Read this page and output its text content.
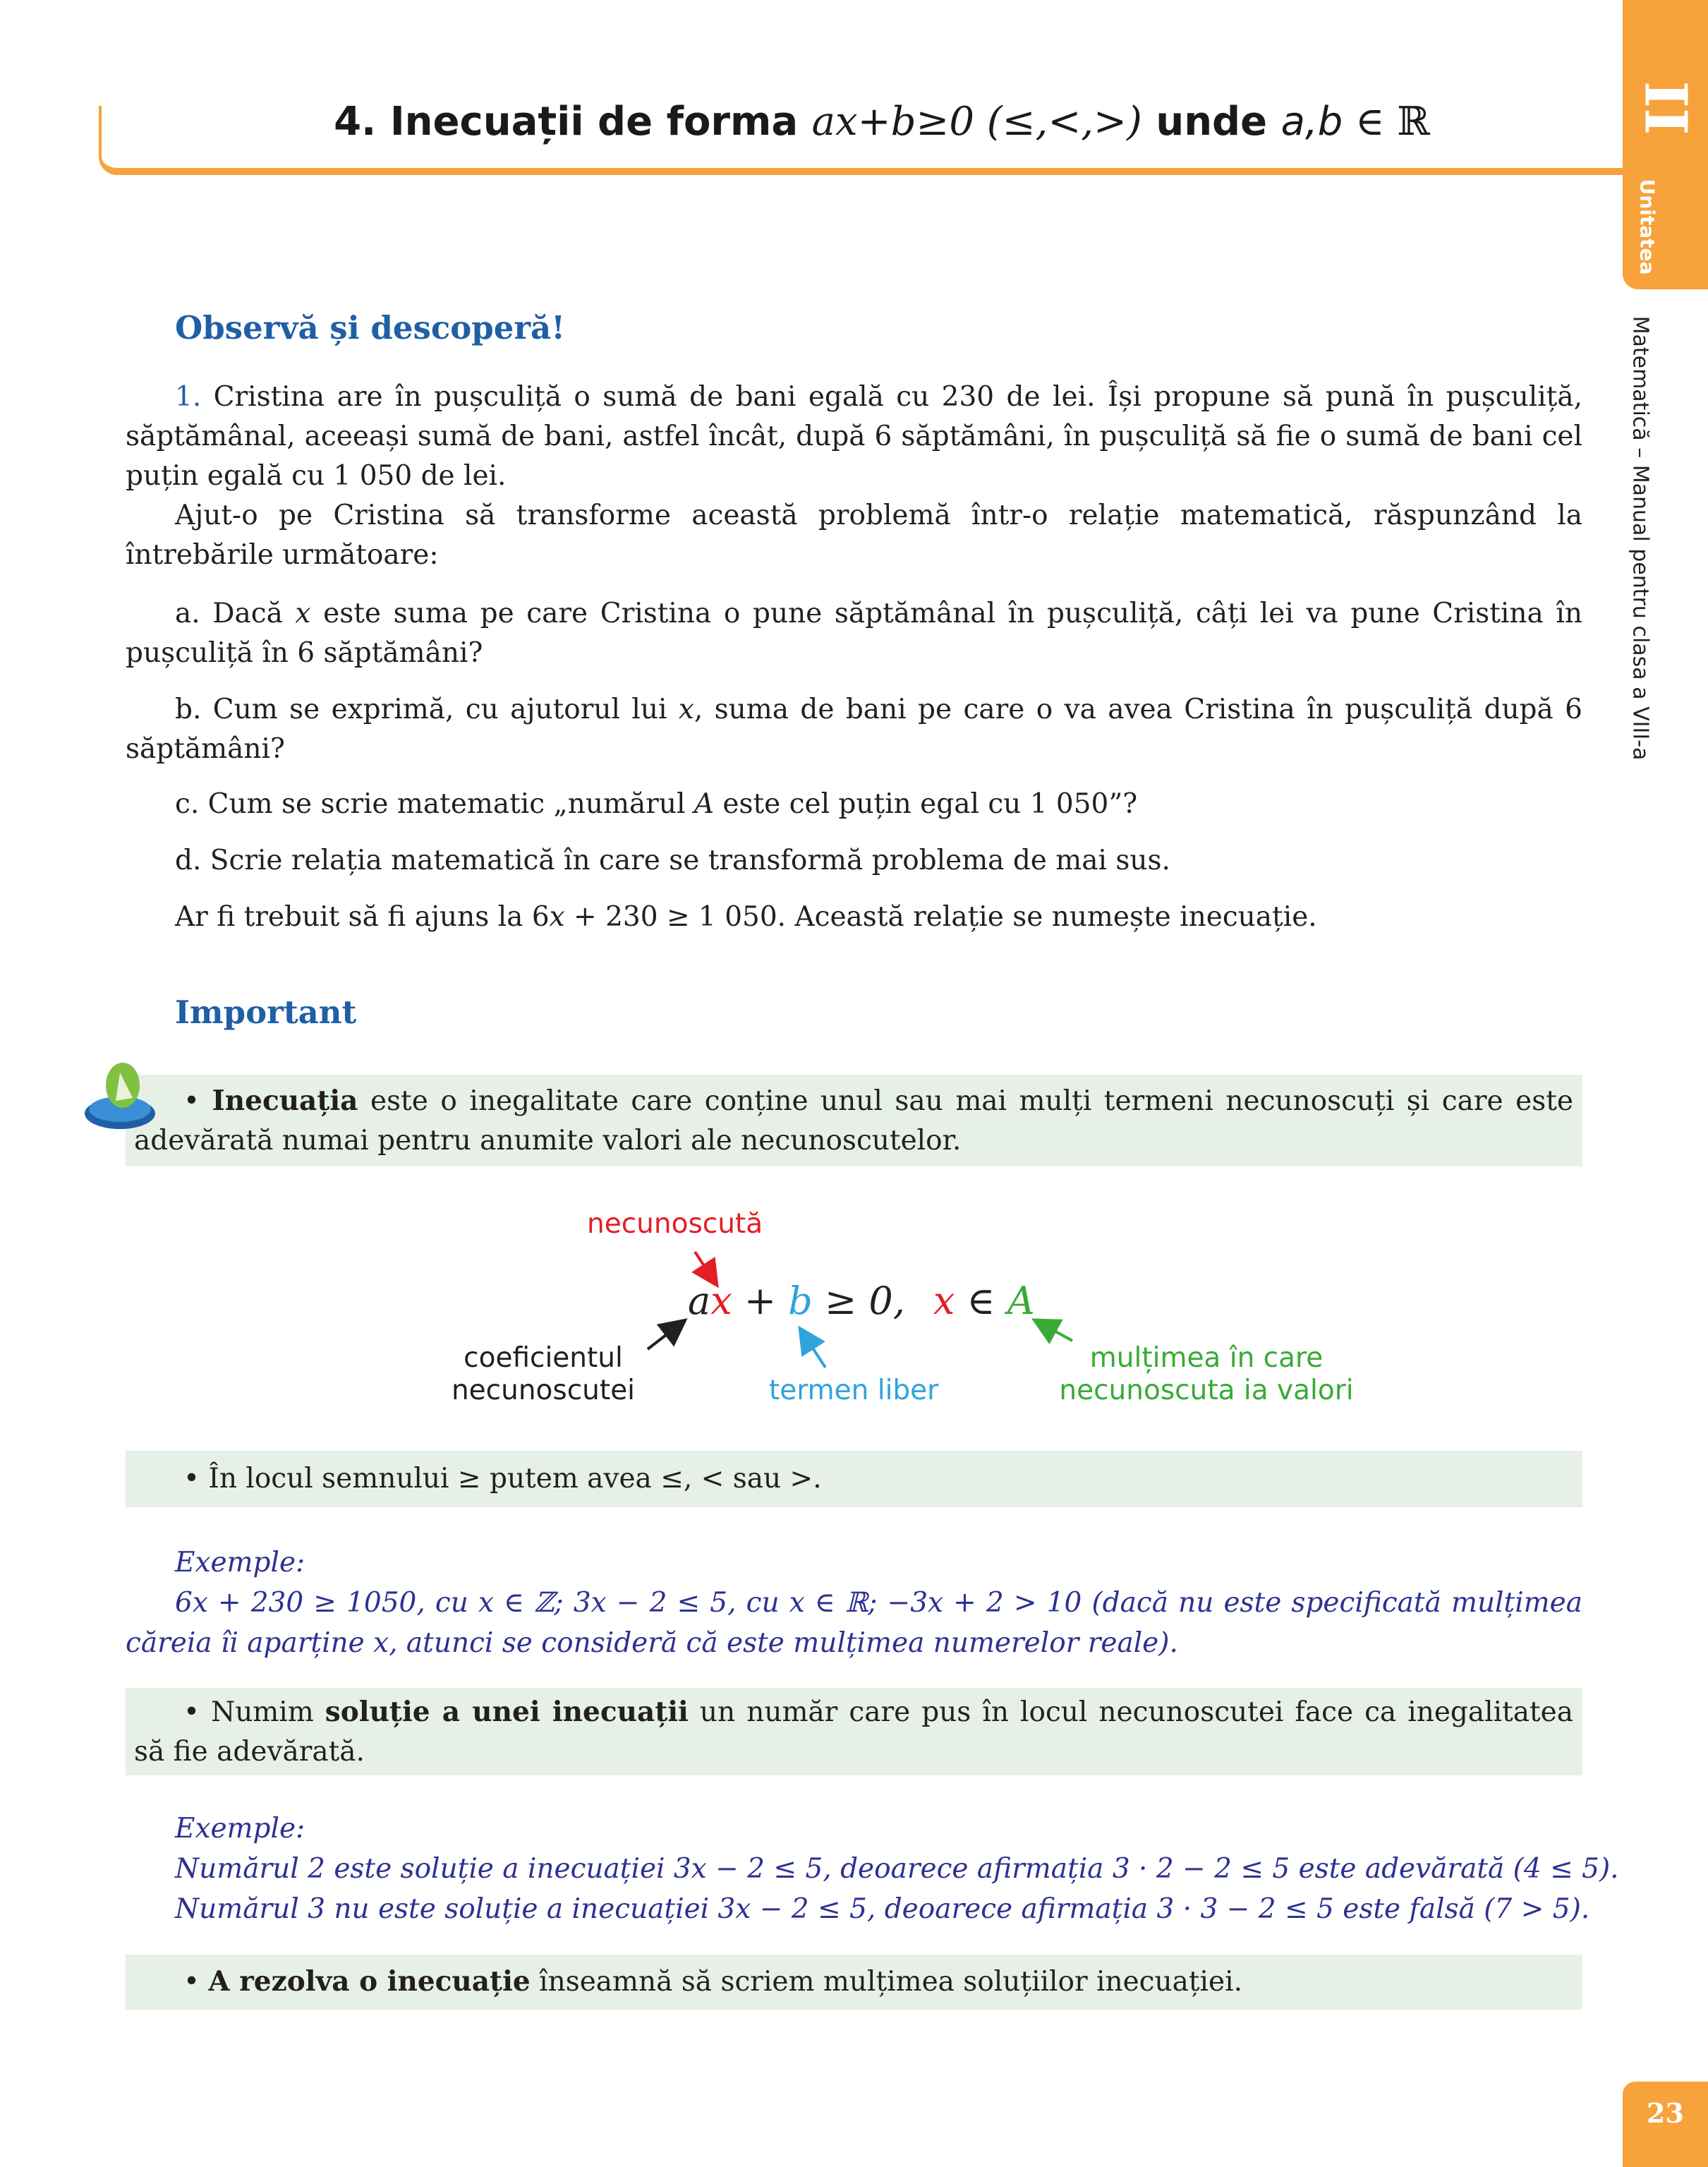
4. Inecuații de forma ax+b≥0 (≤,<,>) unde a,b ∈ ℝ	II
Unitatea
Matematică – Manual pentru clasa a VIII-a
23
Observă și descoperă!
1. Cristina are în pușculiță o sumă de bani egală cu 230 de lei. Își propune să pună în pușculiță, săptămânal, aceeași sumă de bani, astfel încât, după 6 săptămâni, în pușculiță să fie o sumă de bani cel puțin egală cu 1 050 de lei.
Ajut-o pe Cristina să transforme această problemă într-o relație matematică, răspunzând la întrebările următoare:
a. Dacă x este suma pe care Cristina o pune săptămânal în pușculiță, câți lei va pune Cristina în pușculiță în 6 săptămâni?
b. Cum se exprimă, cu ajutorul lui x, suma de bani pe care o va avea Cristina în pușculiță după 6 săptămâni?
c. Cum se scrie matematic „numărul A este cel puțin egal cu 1 050”?
d. Scrie relația matematică în care se transformă problema de mai sus.
Ar fi trebuit să fi ajuns la 6x + 230 ≥ 1 050. Această relație se numește inecuație.
Important
• Inecuația este o inegalitate care conține unul sau mai mulți termeni necunoscuți și care este adevărată numai pentru anumite valori ale necunoscutelor.
necunoscută
coeficientul
necunoscutei	termen liber
mulțimea în care
necunoscuta ia valori
ax + b ≥ 0, x ∈ A
• În locul semnului ≥ putem avea ≤, < sau >.
Exemple:
6x + 230 ≥ 1050, cu x ∈ ℤ; 3x − 2 ≤ 5, cu x ∈ ℝ; −3x + 2 > 10 (dacă nu este specificată mulțimea căreia îi aparține x, atunci se consideră că este mulțimea numerelor reale).
• Numim soluție a unei inecuații un număr care pus în locul necunoscutei face ca inegalitatea să fie adevărată.
Exemple:
Numărul 2 este soluție a inecuației 3x − 2 ≤ 5, deoarece afirmația 3 · 2 − 2 ≤ 5 este adevărată (4 ≤ 5).
Numărul 3 nu este soluție a inecuației 3x − 2 ≤ 5, deoarece afirmația 3 · 3 − 2 ≤ 5 este falsă (7 > 5).
• A rezolva o inecuație înseamnă să scriem mulțimea soluțiilor inecuației.
